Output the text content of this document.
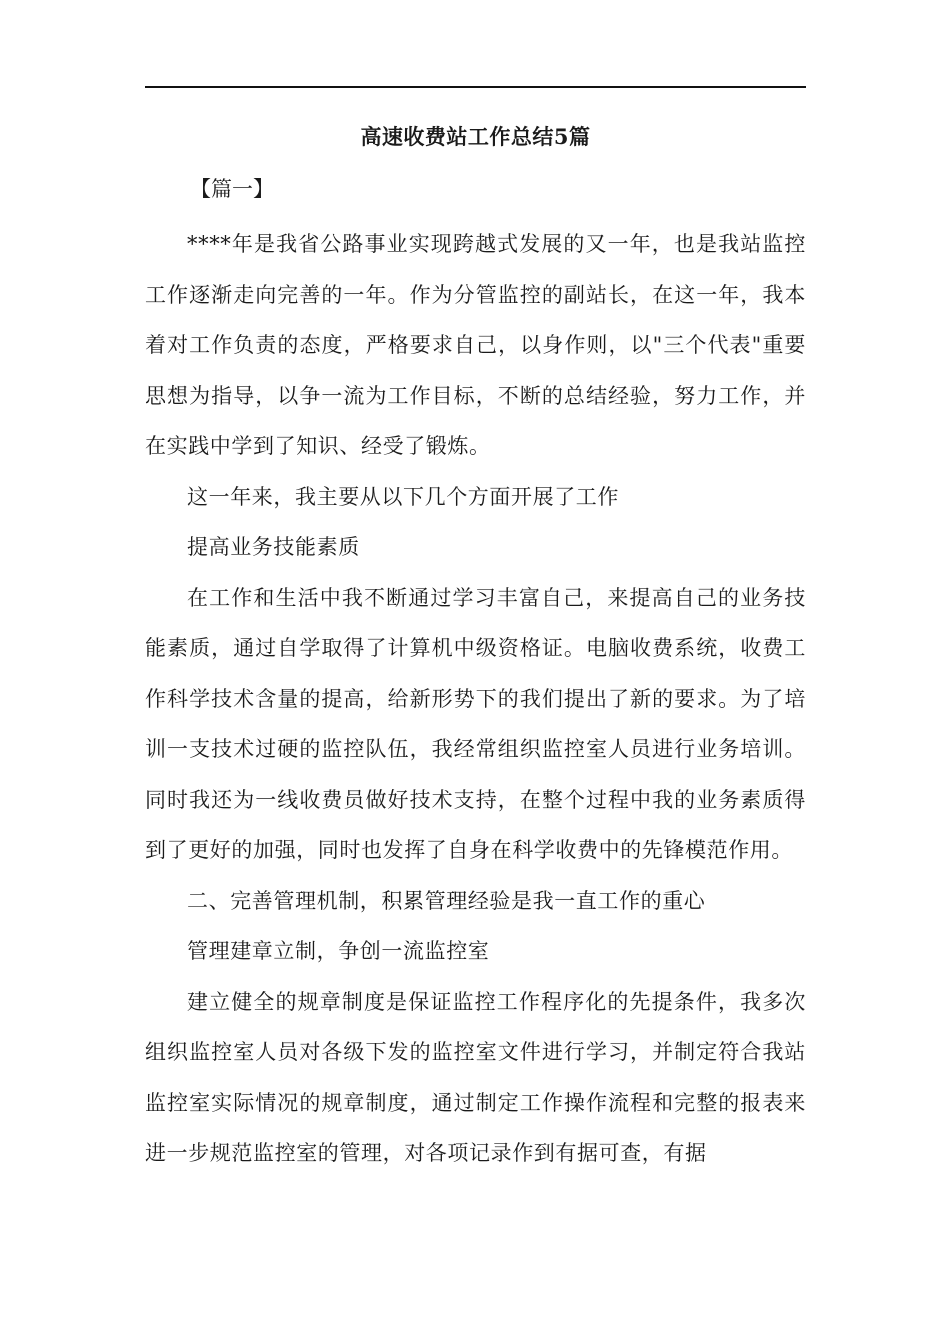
高速收费站工作总结5篇
【篇一】

****年是我省公路事业实现跨越式发展的又一年，也是我站监控工作逐渐走向完善的一年。作为分管监控的副站长，在这一年，我本着对工作负责的态度，严格要求自己，以身作则，以"三个代表"重要思想为指导，以争一流为工作目标，不断的总结经验，努力工作，并在实践中学到了知识、经受了锻炼。

这一年来，我主要从以下几个方面开展了工作

提高业务技能素质

在工作和生活中我不断通过学习丰富自己，来提高自己的业务技能素质，通过自学取得了计算机中级资格证。电脑收费系统，收费工作科学技术含量的提高，给新形势下的我们提出了新的要求。为了培训一支技术过硬的监控队伍，我经常组织监控室人员进行业务培训。同时我还为一线收费员做好技术支持，在整个过程中我的业务素质得到了更好的加强，同时也发挥了自身在科学收费中的先锋模范作用。

二、完善管理机制，积累管理经验是我一直工作的重心

管理建章立制，争创一流监控室

建立健全的规章制度是保证监控工作程序化的先提条件，我多次组织监控室人员对各级下发的监控室文件进行学习，并制定符合我站监控室实际情况的规章制度，通过制定工作操作流程和完整的报表来进一步规范监控室的管理，对各项记录作到有据可查，有据
